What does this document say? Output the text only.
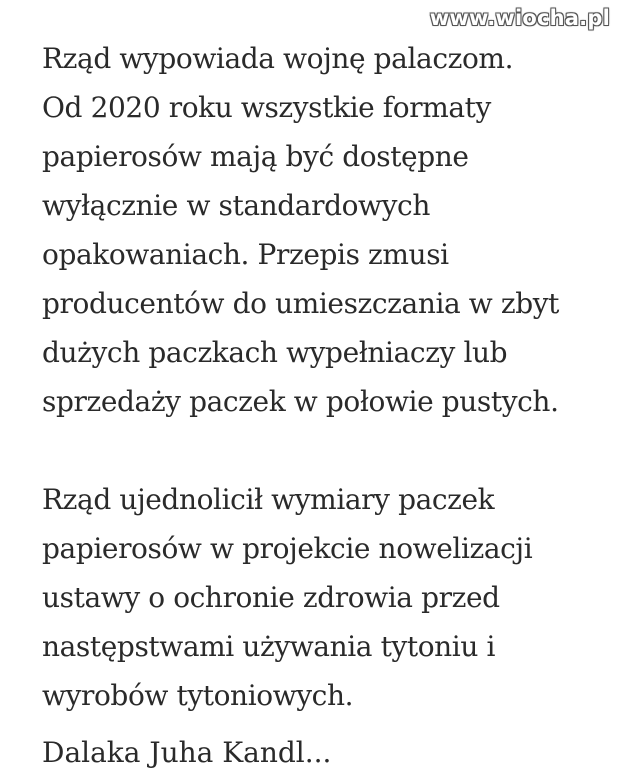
www.wiocha.pl

Rząd wypowiada wojnę palaczom.
Od 2020 roku wszystkie formaty
papierosów mają być dostępne
wyłącznie w standardowych
opakowaniach. Przepis zmusi
producentów do umieszczania w zbyt
dużych paczkach wypełniaczy lub
sprzedaży paczek w połowie pustych.

Rząd ujednolicił wymiary paczek
papierosów w projekcie nowelizacji
ustawy o ochronie zdrowia przed
następstwami używania tytoniu i
wyrobów tytoniowych.

Dalaka Juha Kandl...
